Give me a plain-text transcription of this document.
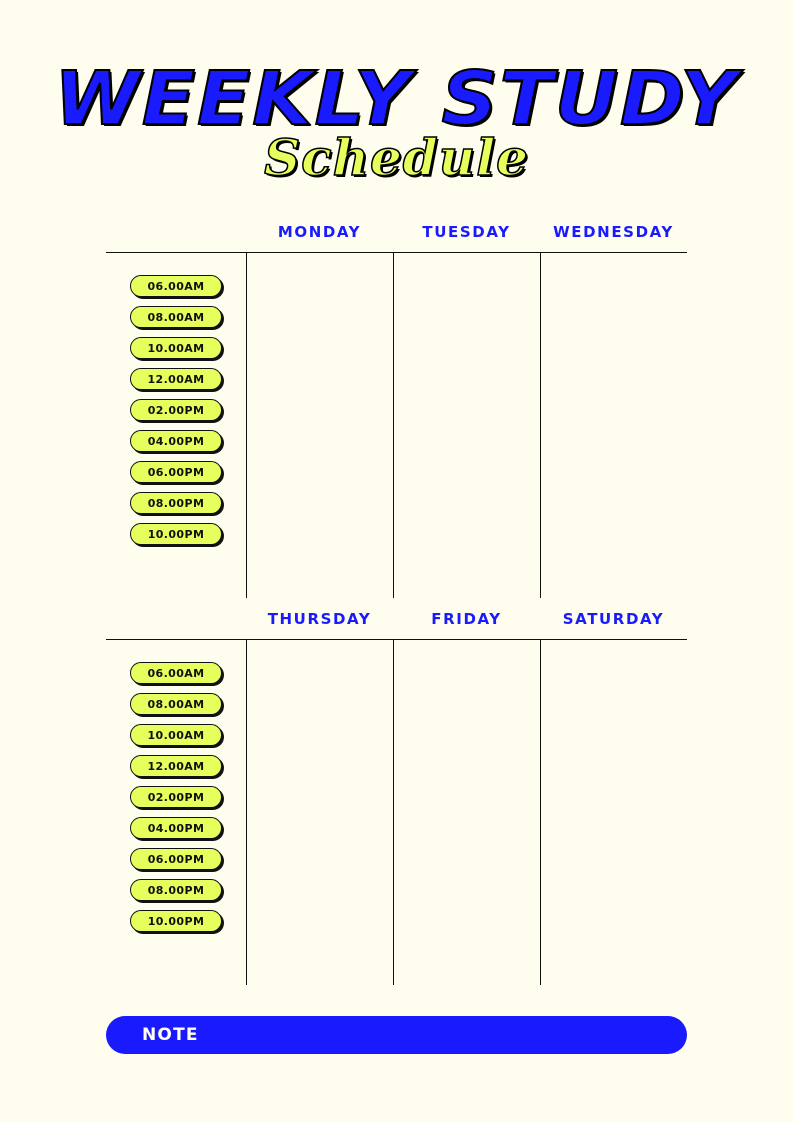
WEEKLY STUDY
Schedule
MONDAY	TUESDAY	WEDNESDAY
06.00AM
08.00AM
10.00AM
12.00AM
02.00PM
04.00PM
06.00PM
08.00PM
10.00PM
THURSDAY	FRIDAY	SATURDAY
06.00AM
08.00AM
10.00AM
12.00AM
02.00PM
04.00PM
06.00PM
08.00PM
10.00PM
NOTE
